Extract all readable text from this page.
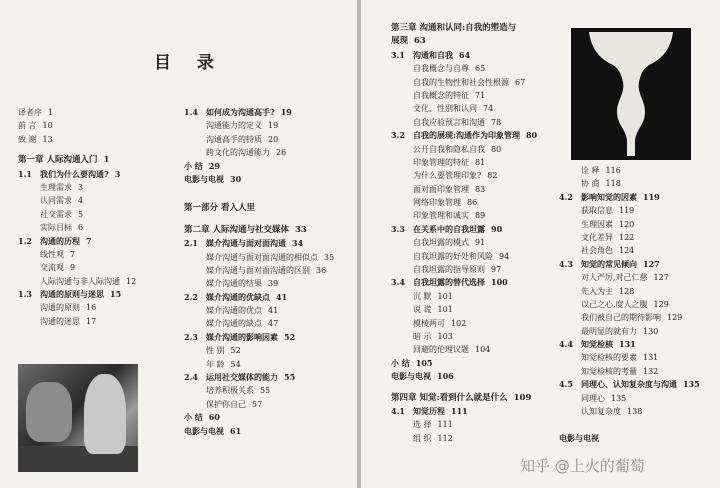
目 录
译者序 1
前 言 10
致 谢 13
第一章 人际沟通入门 1
1.1 我们为什么要沟通? 3
生理需求 3
认同需求 4
社交需求 5
实际目标 6
1.2 沟通的历程 7
线性观 7
交流观 9
人际沟通与非人际沟通 12
1.3 沟通的原则与迷思 15
沟通的原则 16
沟通的迷思 17
1.4 如何成为沟通高手? 19
沟通能力的定义 19
沟通高手的特质 20
跨文化的沟通能力 26
小 结 29
电影与电视 30
第一部分 看入人里
第二章 人际沟通与社交媒体 33
2.1 媒介沟通与面对面沟通 34
媒介沟通与面对面沟通的相似点 35
媒介沟通与面对面沟通的区别 36
媒介沟通的结果 39
2.2 媒介沟通的优缺点 41
媒介沟通的优点 41
媒介沟通的缺点 47
2.3 媒介沟通的影响因素 52
性 别 52
年 龄 54
2.4 运用社交媒体的能力 55
培养积极关系 55
保护你自己 57
小 结 60
电影与电视 61
第三章 沟通和认同:自我的塑造与
展现 63
3.1 沟通和自我 64
自我概念与自尊 65
自我的生物性和社会性根源 67
自我概念的特征 71
文化、性别和认同 74
自我应验预言和沟通 78
3.2 自我的展现:沟通作为印象管理 80
公开自我和隐私自我 80
印象管理的特征 81
为什么要管理印象? 82
面对面印象管理 83
网络印象管理 86
印象管理和诚实 89
3.3 在关系中的自我坦露 90
自我坦露的模式 91
自我坦露的好处和风险 94
自我坦露的指导原则 97
3.4 自我坦露的替代选择 100
沉 默 101
说 谎 101
模棱两可 102
暗 示 103
回避的伦理议题 104
小 结 105
电影与电视 106
第四章 知觉:看到什么就是什么 109
4.1 知觉历程 111
选 择 111
组 织 112
诠 释 116
协 商 118
4.2 影响知觉的因素 119
获取信息 119
生理因素 120
文化差异 122
社会角色 124
4.3 知觉的常见倾向 127
对人严厉,对己仁慈 127
先入为主 128
以己之心,度人之腹 129
我们被自己的期待影响 129
最明显的就有力 130
4.4 知觉检核 131
知觉检核的要素 131
知觉检核的考量 132
4.5 同理心、认知复杂度与沟通 135
同理心 135
认知复杂度 138
电影与电视
知乎 @上火的葡萄
